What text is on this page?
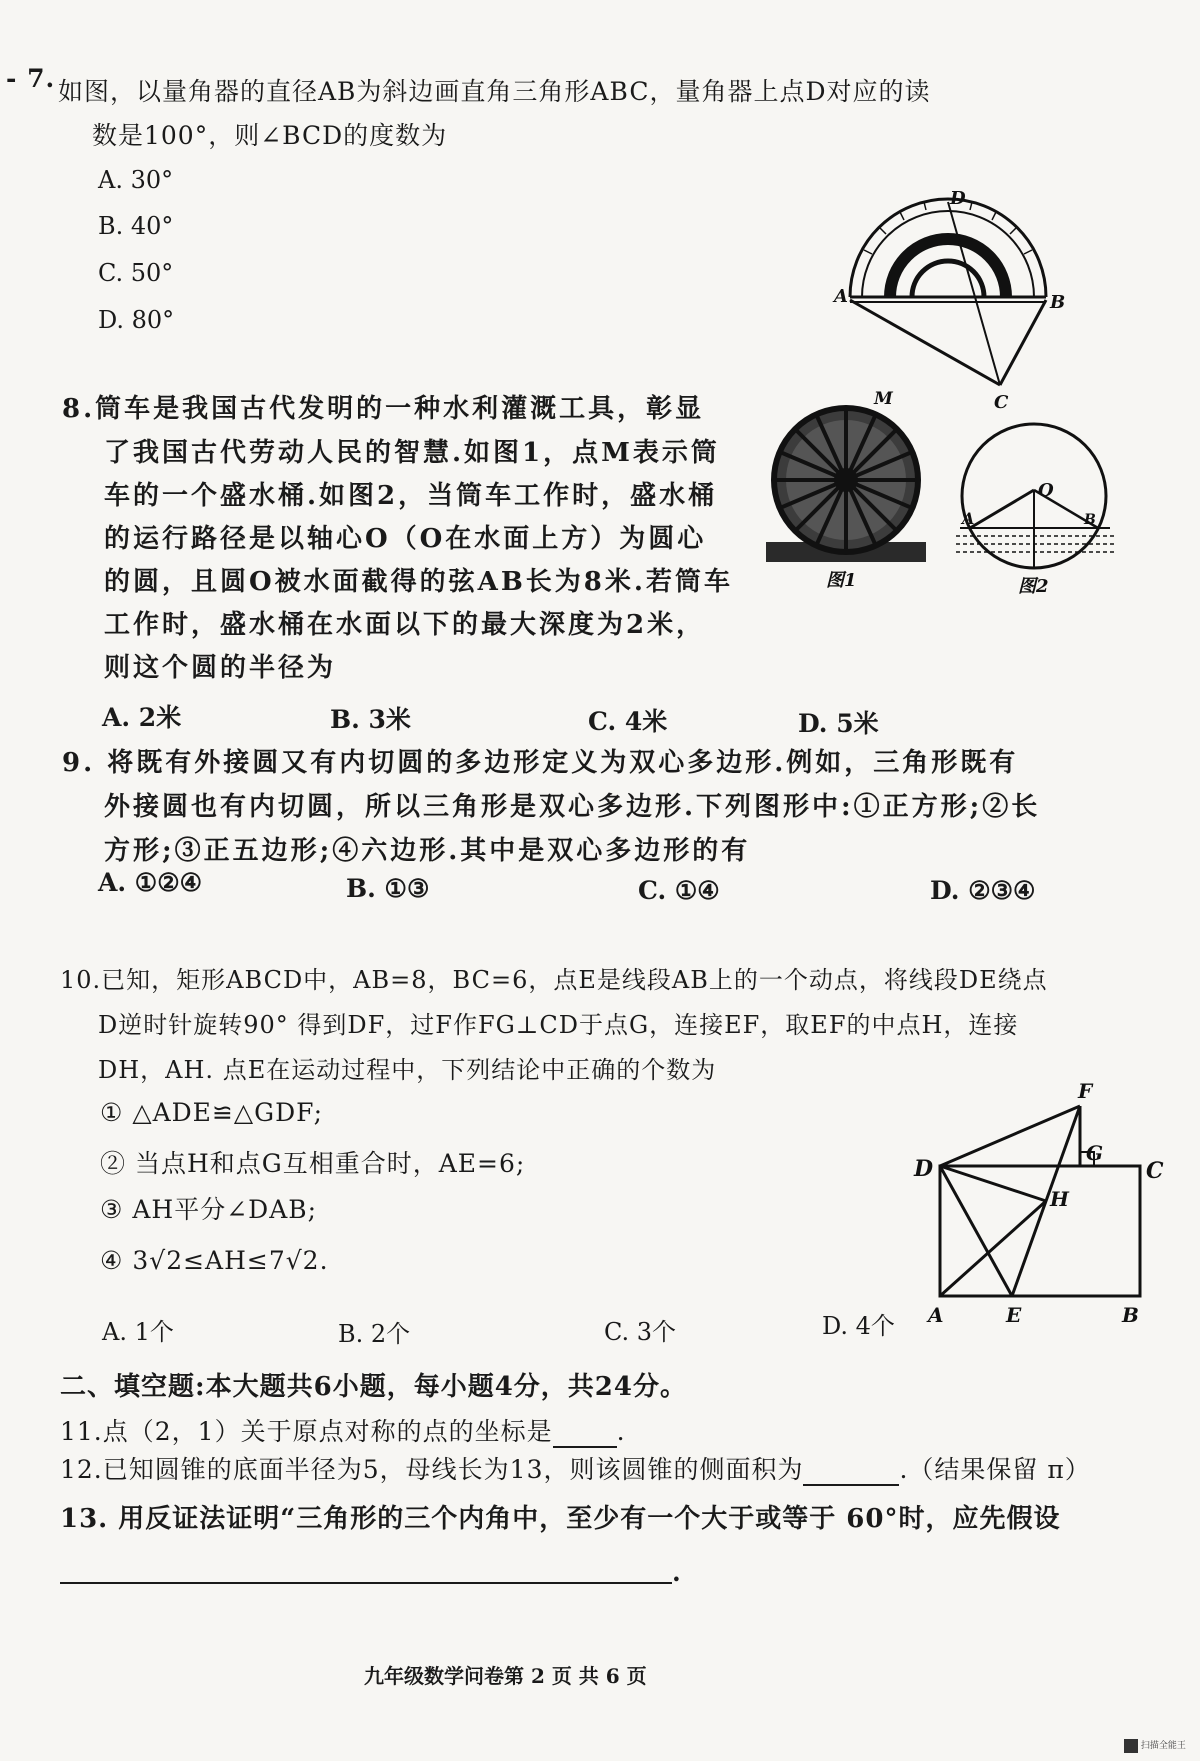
- 7. 如图，以量角器的直径AB为斜边画直角三角形ABC，量角器上点D对应的读
数是100°，则∠BCD的度数为
A. 30°
B. 40°
C. 50°
D. 80°
A	B
C
D
8.筒车是我国古代发明的一种水利灌溉工具，彰显
了我国古代劳动人民的智慧.如图1，点M表示筒
车的一个盛水桶.如图2，当筒车工作时，盛水桶
的运行路径是以轴心O（O在水面上方）为圆心
的圆，且圆O被水面截得的弦AB长为8米.若筒车
工作时，盛水桶在水面以下的最大深度为2米，
则这个圆的半径为
A. 2米	B. 3米	C. 4米	D. 5米
M
图1
A
O
B
图2
9. 将既有外接圆又有内切圆的多边形定义为双心多边形.例如，三角形既有
外接圆也有内切圆，所以三角形是双心多边形.下列图形中:①正方形;②长
方形;③正五边形;④六边形.其中是双心多边形的有
A. ①②④	B. ①③	C. ①④	D. ②③④
10.已知，矩形ABCD中，AB=8，BC=6，点E是线段AB上的一个动点，将线段DE绕点
D逆时针旋转90° 得到DF，过F作FG⊥CD于点G，连接EF，取EF的中点H，连接
DH，AH. 点E在运动过程中，下列结论中正确的个数为
① △ADE≌△GDF;
② 当点H和点G互相重合时，AE=6;
③ AH平分∠DAB;
④ 3√2≤AH≤7√2.
A. 1个	B. 2个	C. 3个	D. 4个
D	C
A	E	B
F
G
H
二、填空题:本大题共6小题，每小题4分，共24分。
11.点（2，1）关于原点对称的点的坐标是	.
12.已知圆锥的底面半径为5，母线长为13，则该圆锥的侧面积为	.（结果保留 π）
13. 用反证法证明“三角形的三个内角中，至少有一个大于或等于 60°时，应先假设
.
九年级数学问卷第 2 页 共 6 页
扫描全能王
